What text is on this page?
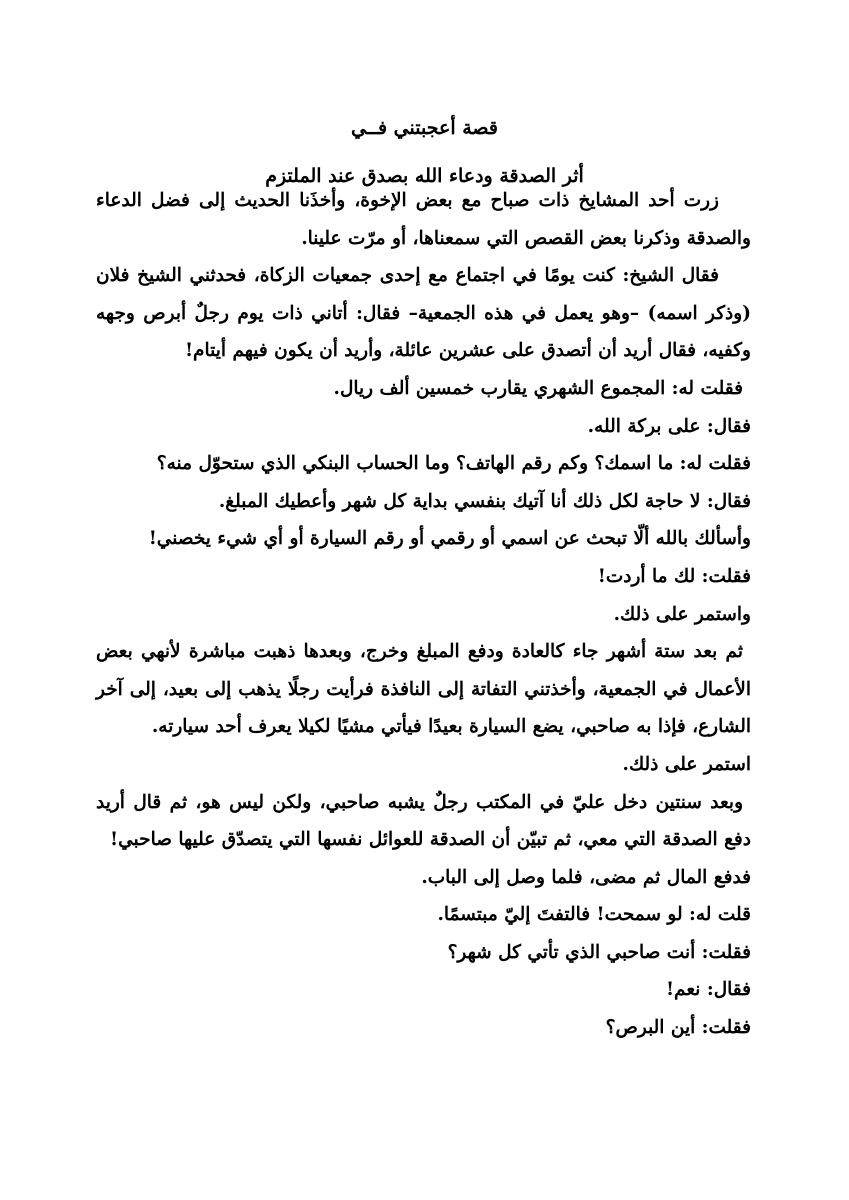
قصة أعجبتني فــي
أثر الصدقة ودعاء الله بصدق عند الملتزم

زرت أحد المشايخ ذات صباح مع بعض الإخوة، وأخذَنا الحديث إلى فضل الدعاء والصدقة وذكرنا بعض القصص التي سمعناها، أو مرّت علينا.

فقال الشيخ: كنت يومًا في اجتماع مع إحدى جمعيات الزكاة، فحدثني الشيخ فلان (وذكر اسمه) –وهو يعمل في هذه الجمعية– فقال: أتاني ذات يوم رجلٌ أبرص وجهه وكفيه، فقال أريد أن أتصدق على عشرين عائلة، وأريد أن يكون فيهم أيتام!

فقلت له: المجموع الشهري يقارب خمسين ألف ريال.

فقال: على بركة الله.

فقلت له: ما اسمك؟ وكم رقم الهاتف؟ وما الحساب البنكي الذي ستحوّل منه؟

فقال: لا حاجة لكل ذلك أنا آتيك بنفسي بداية كل شهر وأعطيك المبلغ.

وأسألك بالله ألّا تبحث عن اسمي أو رقمي أو رقم السيارة أو أي شيء يخصني!

فقلت: لك ما أردت!

واستمر على ذلك.

ثم بعد ستة أشهر جاء كالعادة ودفع المبلغ وخرج، وبعدها ذهبت مباشرة لأنهي بعض الأعمال في الجمعية، وأخذتني التفاتة إلى النافذة فرأيت رجلًا يذهب إلى بعيد، إلى آخر الشارع، فإذا به صاحبي، يضع السيارة بعيدًا فيأتي مشيًا لكيلا يعرف أحد سيارته.

استمر على ذلك.

وبعد سنتين دخل عليّ في المكتب رجلٌ يشبه صاحبي، ولكن ليس هو، ثم قال أريد دفع الصدقة التي معي، ثم تبيّن أن الصدقة للعوائل نفسها التي يتصدّق عليها صاحبي!

فدفع المال ثم مضى، فلما وصل إلى الباب.

قلت له: لو سمحت! فالتفتَ إليّ مبتسمًا.

فقلت: أنت صاحبي الذي تأتي كل شهر؟

فقال: نعم!

فقلت: أين البرص؟
